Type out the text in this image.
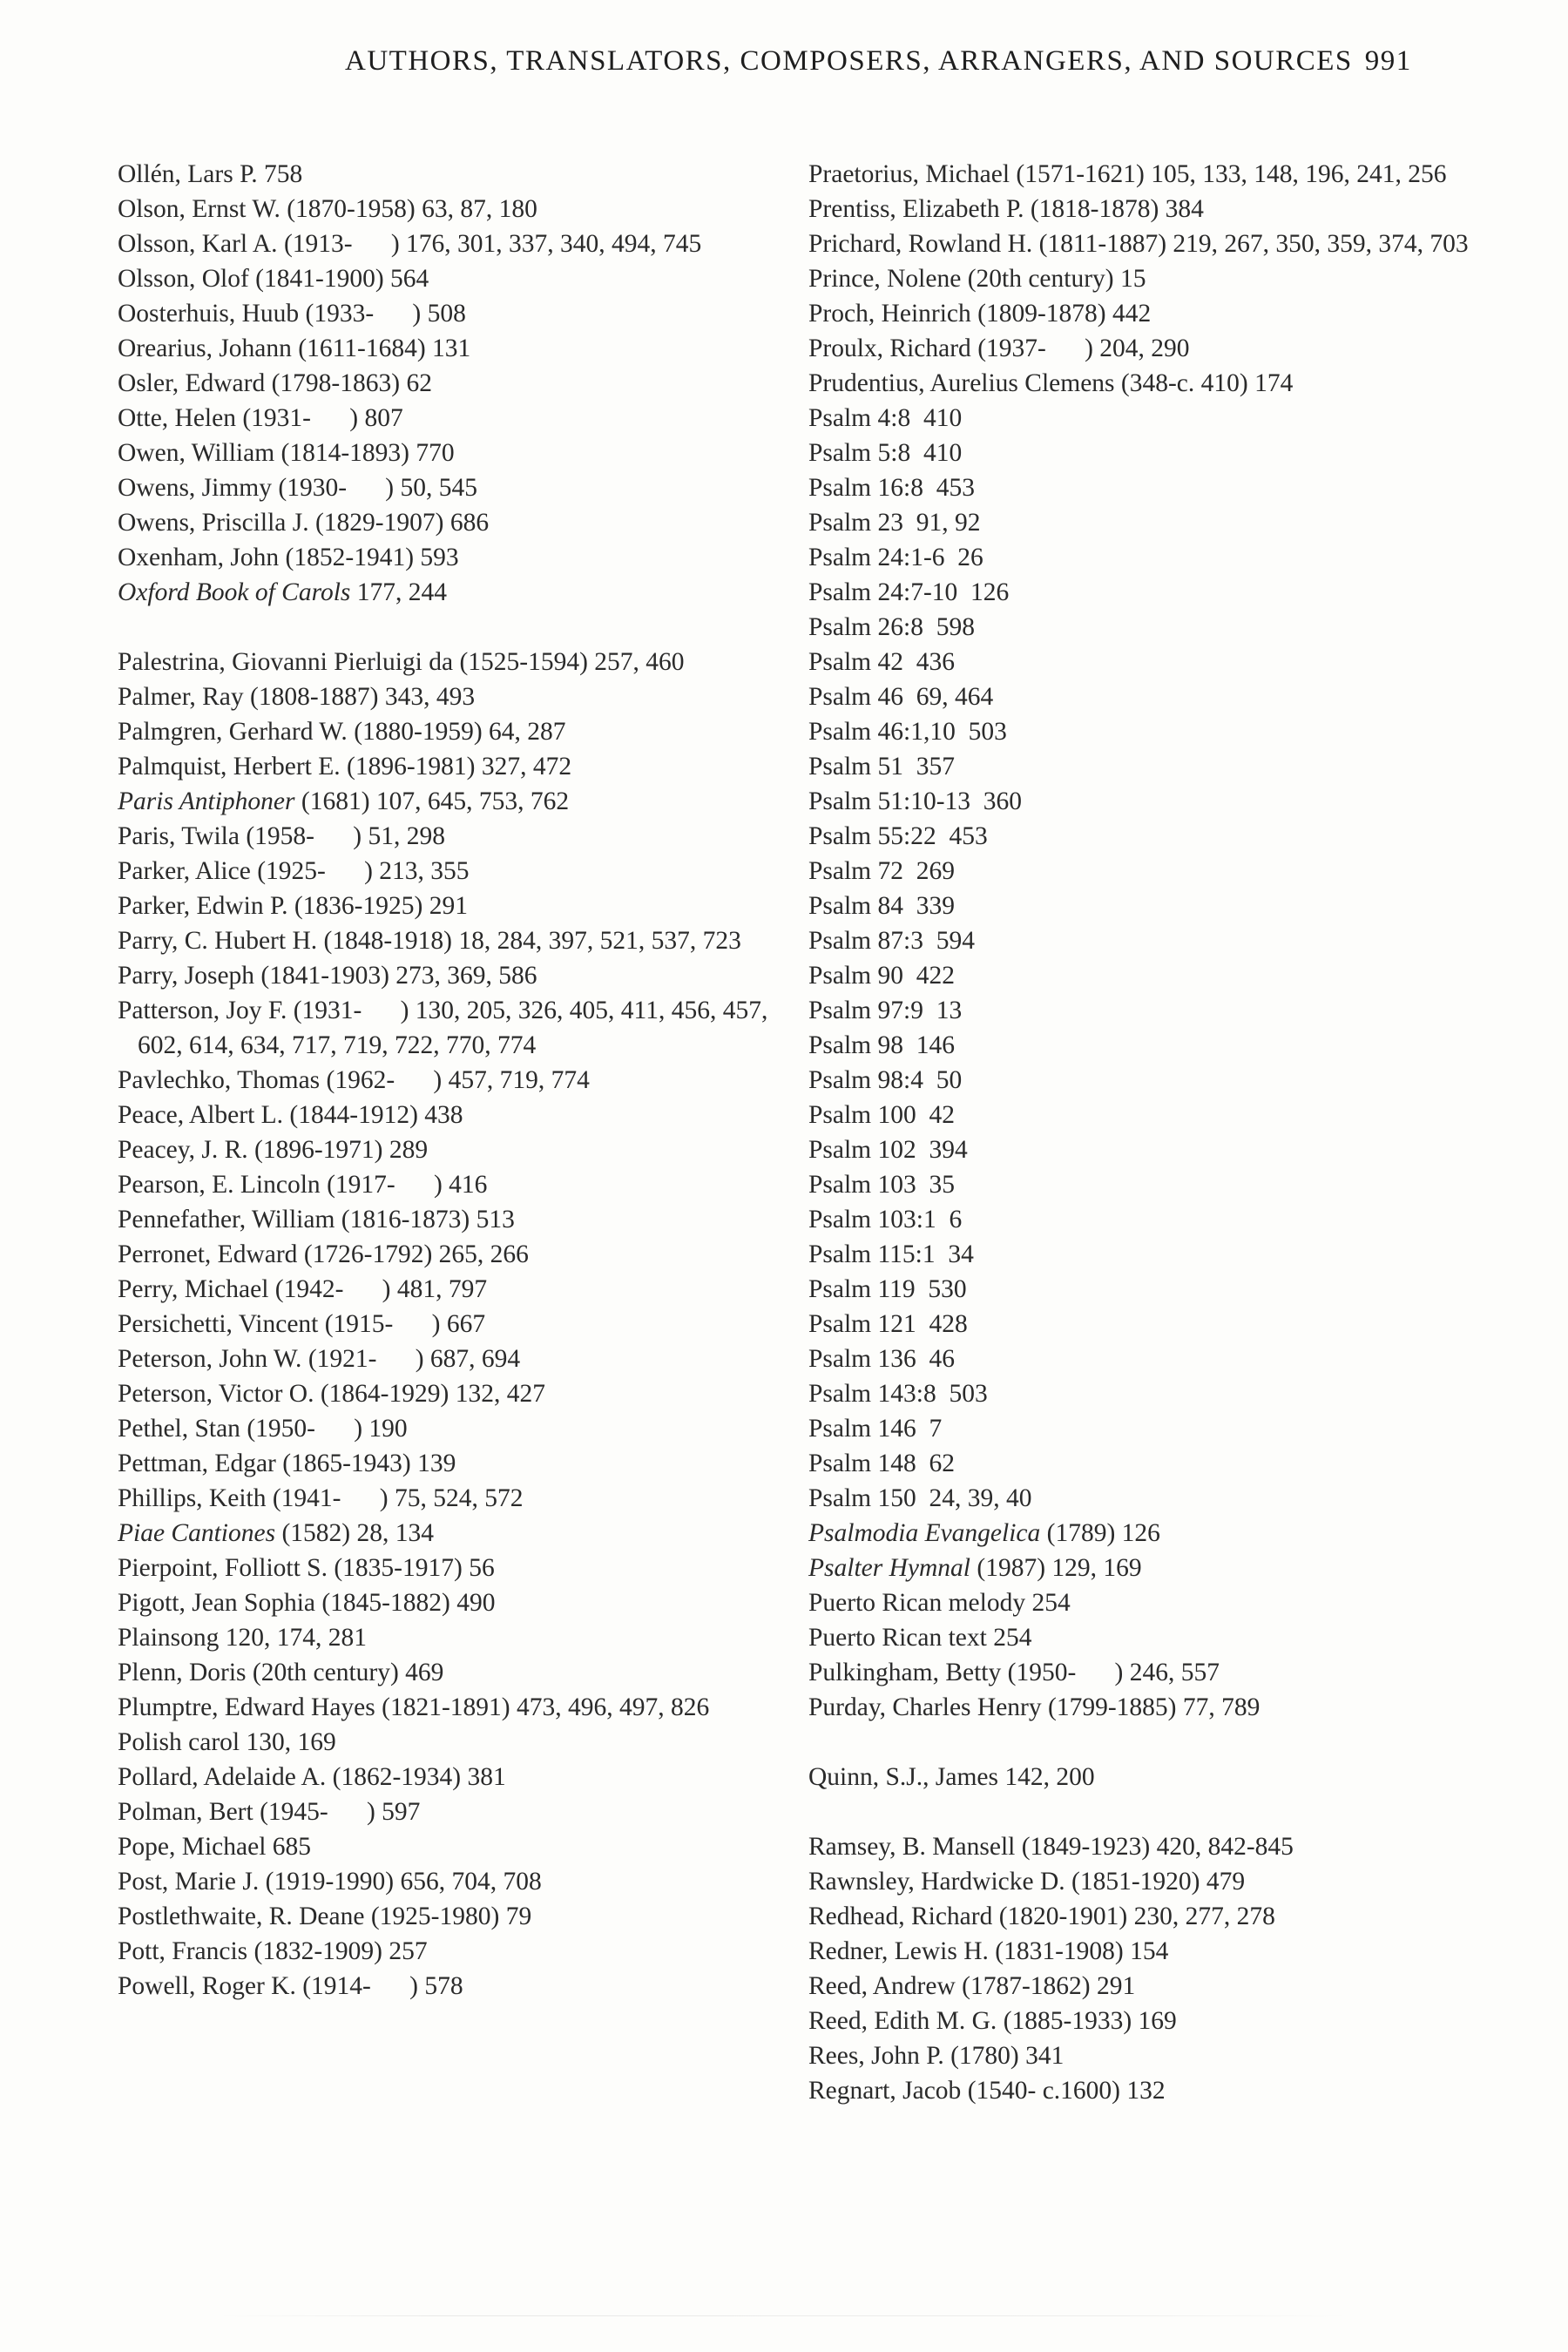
AUTHORS, TRANSLATORS, COMPOSERS, ARRANGERS, AND SOURCES 991
Ollén, Lars P. 758
Olson, Ernst W. (1870-1958) 63, 87, 180
Olsson, Karl A. (1913-      ) 176, 301, 337, 340, 494, 745
Olsson, Olof (1841-1900) 564
Oosterhuis, Huub (1933-      ) 508
Orearius, Johann (1611-1684) 131
Osler, Edward (1798-1863) 62
Otte, Helen (1931-      ) 807
Owen, William (1814-1893) 770
Owens, Jimmy (1930-      ) 50, 545
Owens, Priscilla J. (1829-1907) 686
Oxenham, John (1852-1941) 593
Oxford Book of Carols 177, 244
Palestrina, Giovanni Pierluigi da (1525-1594) 257, 460
Palmer, Ray (1808-1887) 343, 493
Palmgren, Gerhard W. (1880-1959) 64, 287
Palmquist, Herbert E. (1896-1981) 327, 472
Paris Antiphoner (1681) 107, 645, 753, 762
Paris, Twila (1958-      ) 51, 298
Parker, Alice (1925-      ) 213, 355
Parker, Edwin P. (1836-1925) 291
Parry, C. Hubert H. (1848-1918) 18, 284, 397, 521, 537, 723
Parry, Joseph (1841-1903) 273, 369, 586
Patterson, Joy F. (1931-      ) 130, 205, 326, 405, 411, 456, 457, 602, 614, 634, 717, 719, 722, 770, 774
Pavlechko, Thomas (1962-      ) 457, 719, 774
Peace, Albert L. (1844-1912) 438
Peacey, J. R. (1896-1971) 289
Pearson, E. Lincoln (1917-      ) 416
Pennefather, William (1816-1873) 513
Perronet, Edward (1726-1792) 265, 266
Perry, Michael (1942-      ) 481, 797
Persichetti, Vincent (1915-      ) 667
Peterson, John W. (1921-      ) 687, 694
Peterson, Victor O. (1864-1929) 132, 427
Pethel, Stan (1950-      ) 190
Pettman, Edgar (1865-1943) 139
Phillips, Keith (1941-      ) 75, 524, 572
Piae Cantiones (1582) 28, 134
Pierpoint, Folliott S. (1835-1917) 56
Pigott, Jean Sophia (1845-1882) 490
Plainsong 120, 174, 281
Plenn, Doris (20th century) 469
Plumptre, Edward Hayes (1821-1891) 473, 496, 497, 826
Polish carol 130, 169
Pollard, Adelaide A. (1862-1934) 381
Polman, Bert (1945-      ) 597
Pope, Michael 685
Post, Marie J. (1919-1990) 656, 704, 708
Postlethwaite, R. Deane (1925-1980) 79
Pott, Francis (1832-1909) 257
Powell, Roger K. (1914-      ) 578
Praetorius, Michael (1571-1621) 105, 133, 148, 196, 241, 256
Prentiss, Elizabeth P. (1818-1878) 384
Prichard, Rowland H. (1811-1887) 219, 267, 350, 359, 374, 703
Prince, Nolene (20th century) 15
Proch, Heinrich (1809-1878) 442
Proulx, Richard (1937-      ) 204, 290
Prudentius, Aurelius Clemens (348-c. 410) 174
Psalm 4:8  410
Psalm 5:8  410
Psalm 16:8  453
Psalm 23  91, 92
Psalm 24:1-6  26
Psalm 24:7-10  126
Psalm 26:8  598
Psalm 42  436
Psalm 46  69, 464
Psalm 46:1,10  503
Psalm 51  357
Psalm 51:10-13  360
Psalm 55:22  453
Psalm 72  269
Psalm 84  339
Psalm 87:3  594
Psalm 90  422
Psalm 97:9  13
Psalm 98  146
Psalm 98:4  50
Psalm 100  42
Psalm 102  394
Psalm 103  35
Psalm 103:1  6
Psalm 115:1  34
Psalm 119  530
Psalm 121  428
Psalm 136  46
Psalm 143:8  503
Psalm 146  7
Psalm 148  62
Psalm 150  24, 39, 40
Psalmodia Evangelica (1789) 126
Psalter Hymnal (1987) 129, 169
Puerto Rican melody 254
Puerto Rican text 254
Pulkingham, Betty (1950-      ) 246, 557
Purday, Charles Henry (1799-1885) 77, 789
Quinn, S.J., James 142, 200
Ramsey, B. Mansell (1849-1923) 420, 842-845
Rawnsley, Hardwicke D. (1851-1920) 479
Redhead, Richard (1820-1901) 230, 277, 278
Redner, Lewis H. (1831-1908) 154
Reed, Andrew (1787-1862) 291
Reed, Edith M. G. (1885-1933) 169
Rees, John P. (1780) 341
Regnart, Jacob (1540- c.1600) 132
